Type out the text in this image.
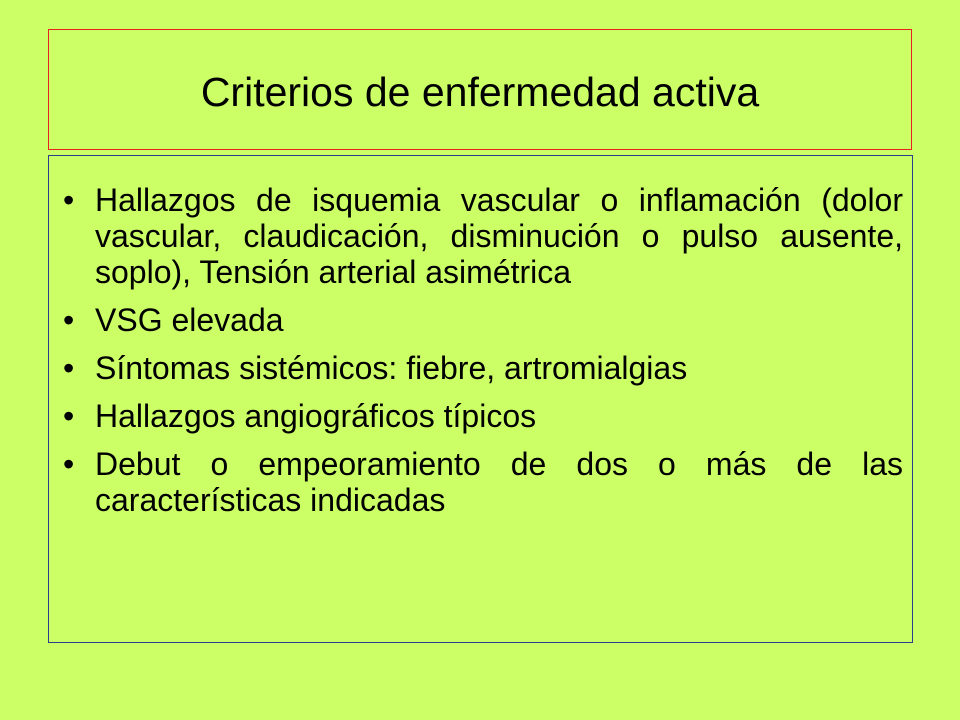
Criterios de enfermedad activa
• Hallazgos de isquemia vascular o inflamación (dolor vascular, claudicación, disminución o pulso ausente, soplo), Tensión arterial asimétrica
• VSG elevada
• Síntomas sistémicos: fiebre, artromialgias
• Hallazgos angiográficos típicos
• Debut o empeoramiento de dos o más de las características indicadas
